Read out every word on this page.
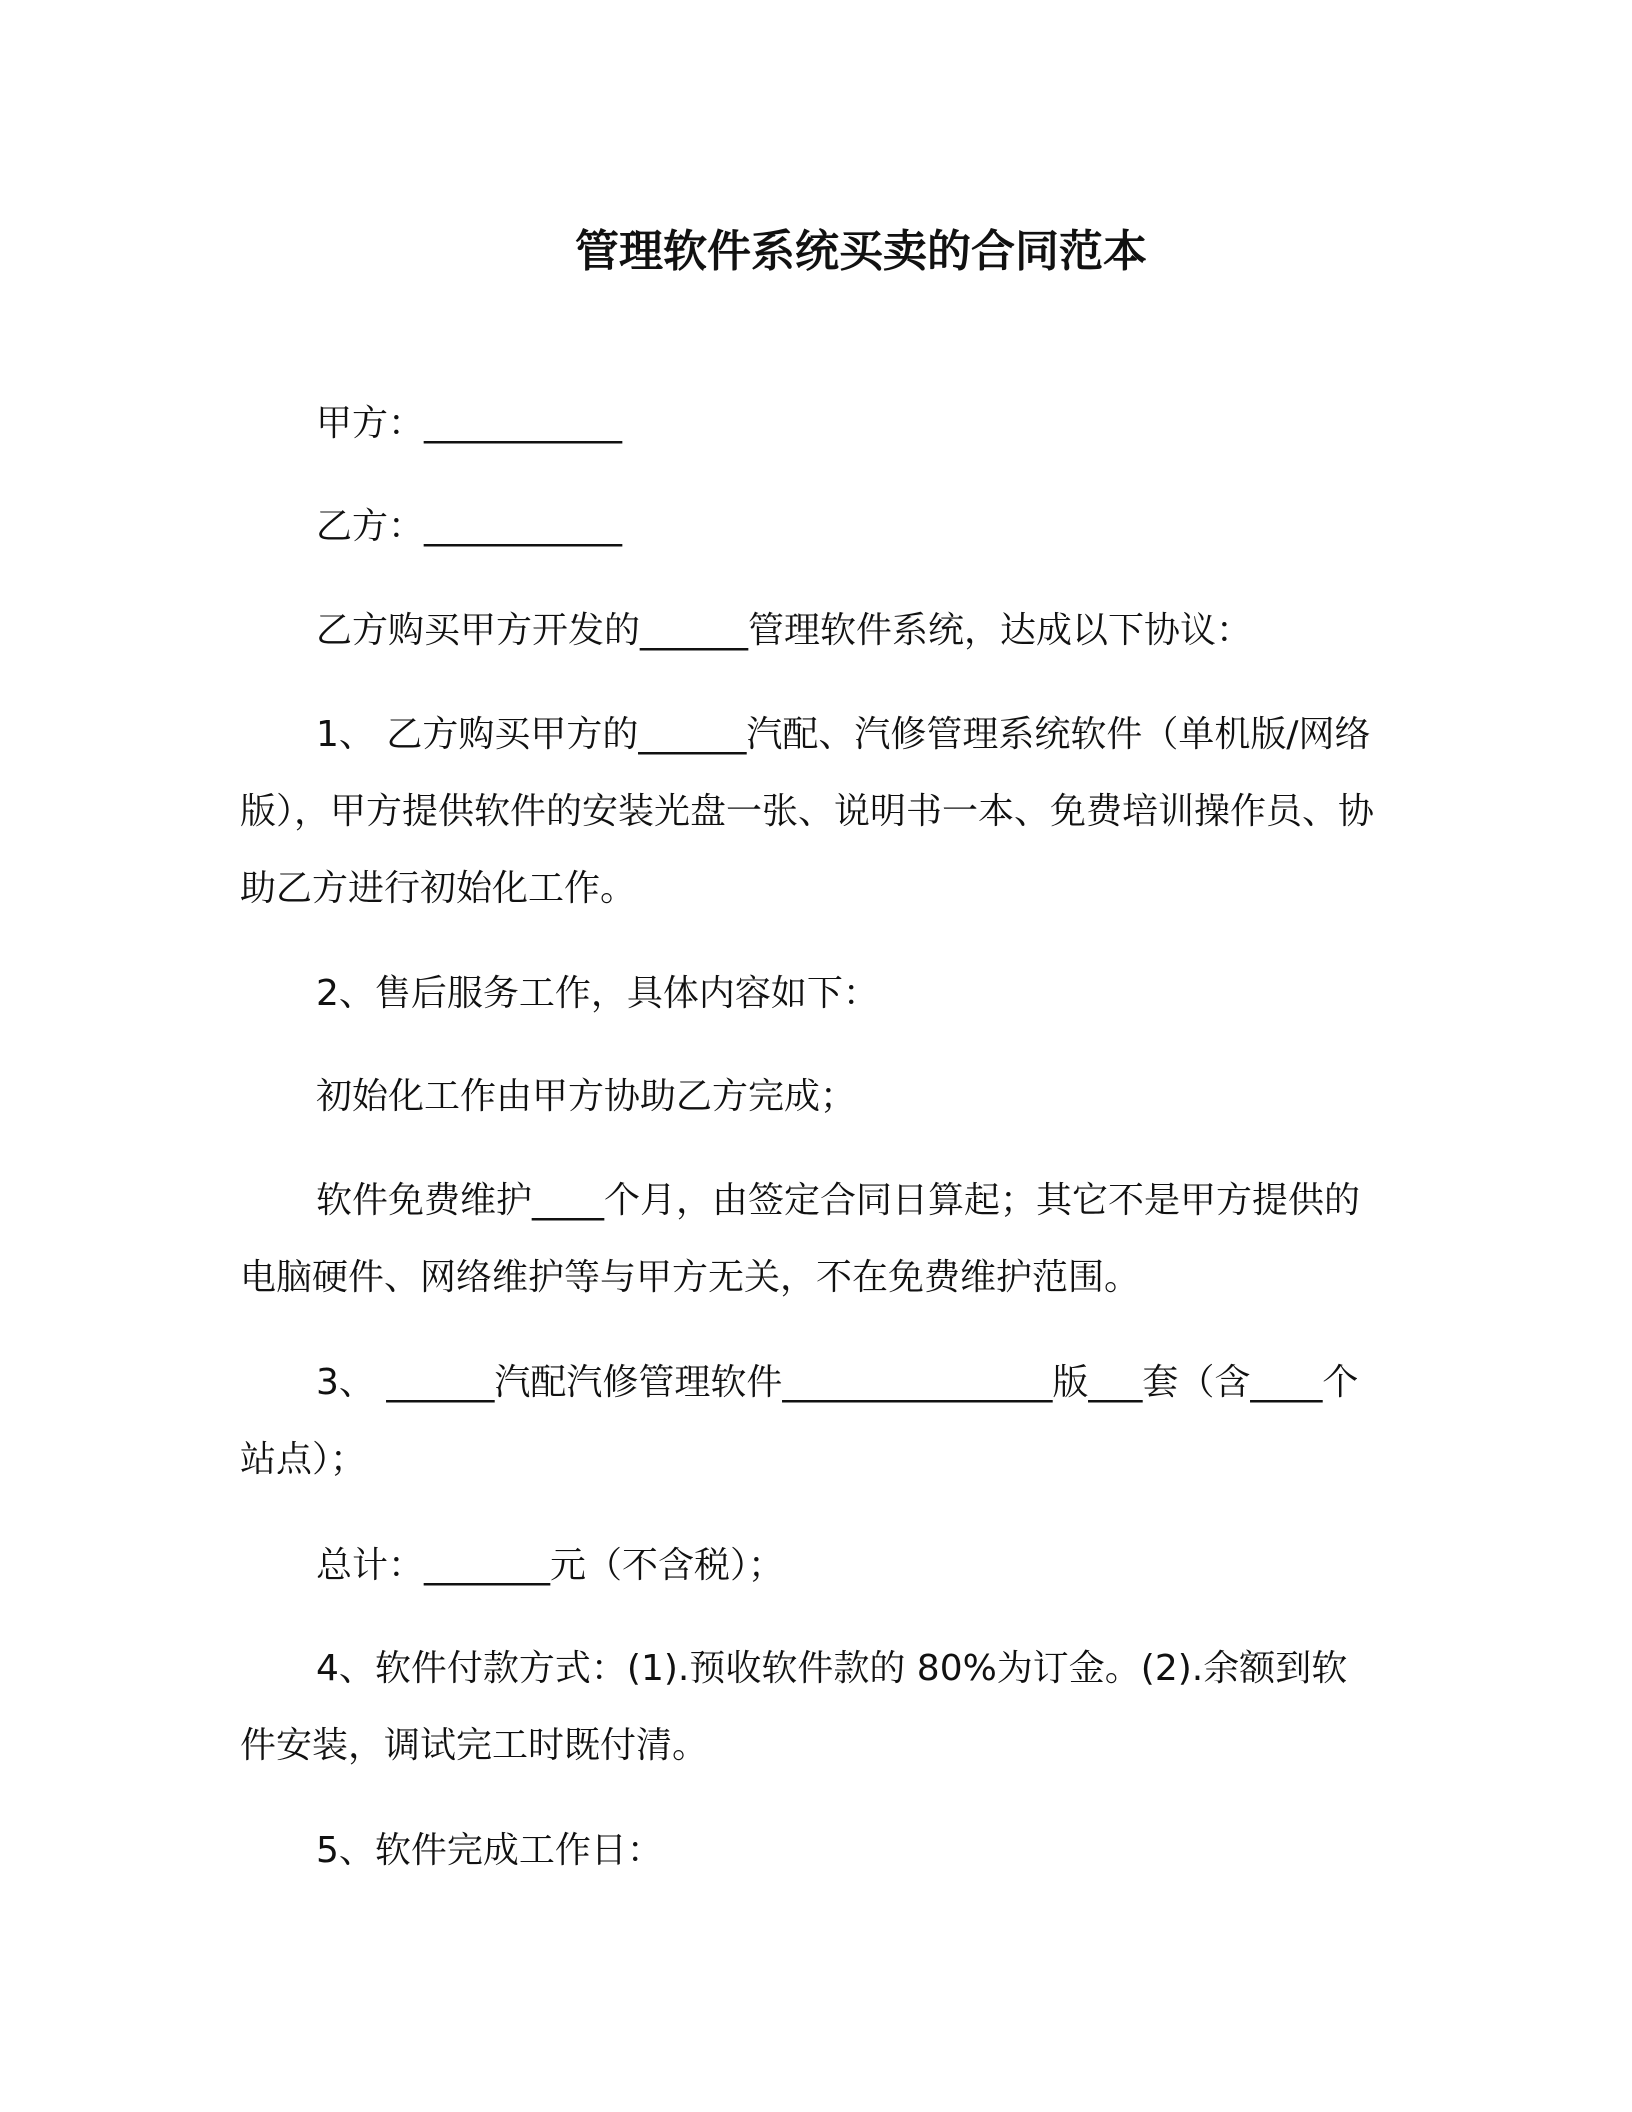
管理软件系统买卖的合同范本
甲方：___________
乙方：___________
乙方购买甲方开发的______管理软件系统，达成以下协议：
1、 乙方购买甲方的______汽配、汽修管理系统软件（单机版/网络版），甲方提供软件的安装光盘一张、说明书一本、免费培训操作员、协助乙方进行初始化工作。
2、售后服务工作，具体内容如下：
初始化工作由甲方协助乙方完成；
软件免费维护____个月，由签定合同日算起；其它不是甲方提供的电脑硬件、网络维护等与甲方无关，不在免费维护范围。
3、 ______汽配汽修管理软件_______________版___套（含____个站点）；
总计：_______元（不含税）；
4、软件付款方式：(1).预收软件款的 80%为订金。(2).余额到软件安装，调试完工时既付清。
5、软件完成工作日：
